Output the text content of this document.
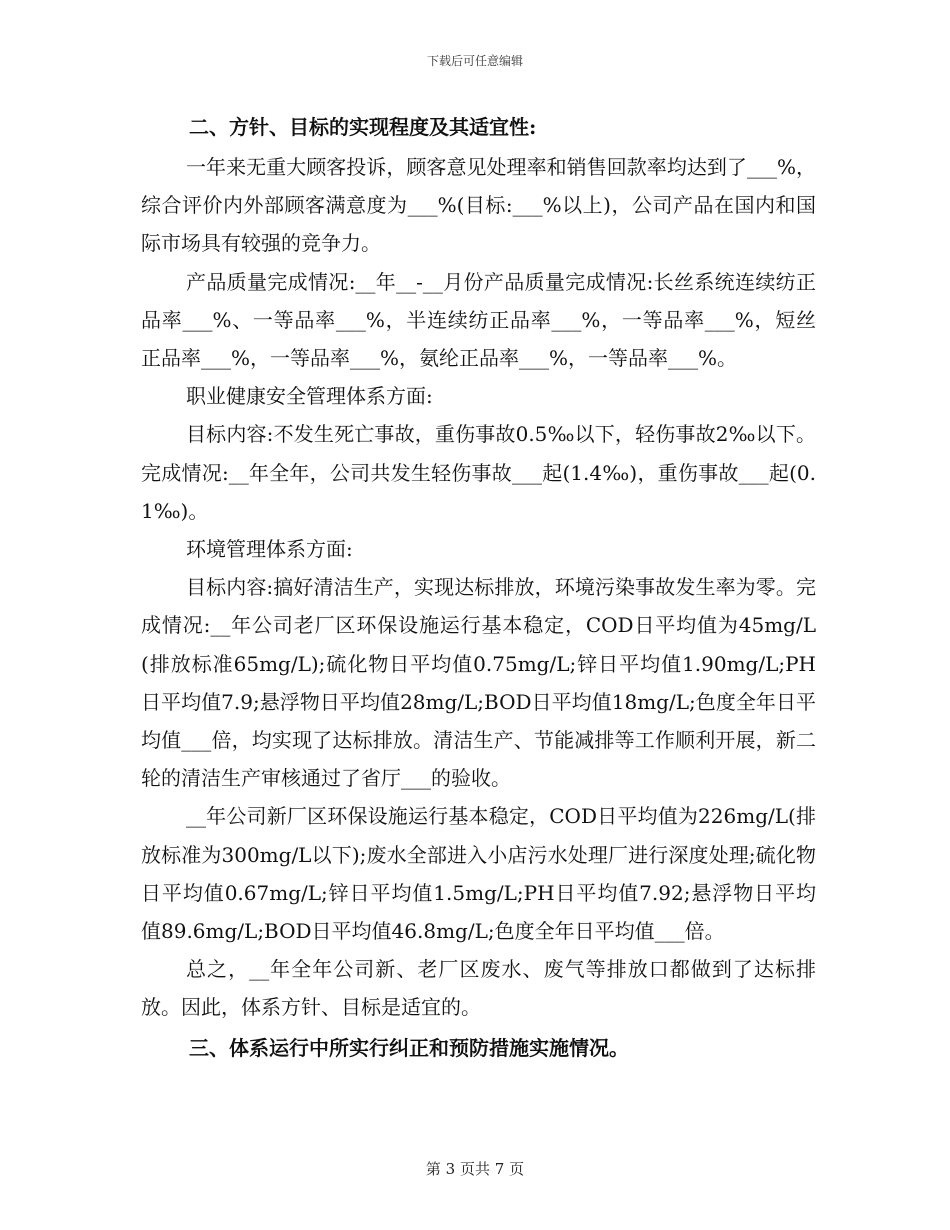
下载后可任意编辑

二、方针、目标的实现程度及其适宜性:

一年来无重大顾客投诉，顾客意见处理率和销售回款率均达到了___%，综合评价内外部顾客满意度为___%(目标:___%以上)，公司产品在国内和国际市场具有较强的竞争力。

产品质量完成情况:__年__-__月份产品质量完成情况:长丝系统连续纺正品率___%、一等品率___%，半连续纺正品率___%，一等品率___%，短丝正品率___%，一等品率___%，氨纶正品率___%，一等品率___%。

职业健康安全管理体系方面:

目标内容:不发生死亡事故，重伤事故0.5‰以下，轻伤事故2‰以下。完成情况:__年全年，公司共发生轻伤事故___起(1.4‰)，重伤事故___起(0.1‰)。

环境管理体系方面:

目标内容:搞好清洁生产，实现达标排放，环境污染事故发生率为零。完成情况:__年公司老厂区环保设施运行基本稳定，COD日平均值为45mg/L(排放标准65mg/L);硫化物日平均值0.75mg/L;锌日平均值1.90mg/L;PH日平均值7.9;悬浮物日平均值28mg/L;BOD日平均值18mg/L;色度全年日平均值___倍，均实现了达标排放。清洁生产、节能减排等工作顺利开展，新二轮的清洁生产审核通过了省厅___的验收。

__年公司新厂区环保设施运行基本稳定，COD日平均值为226mg/L(排放标准为300mg/L以下);废水全部进入小店污水处理厂进行深度处理;硫化物日平均值0.67mg/L;锌日平均值1.5mg/L;PH日平均值7.92;悬浮物日平均值89.6mg/L;BOD日平均值46.8mg/L;色度全年日平均值___倍。

总之，__年全年公司新、老厂区废水、废气等排放口都做到了达标排放。因此，体系方针、目标是适宜的。

三、体系运行中所实行纠正和预防措施实施情况。

第 3 页共 7 页
